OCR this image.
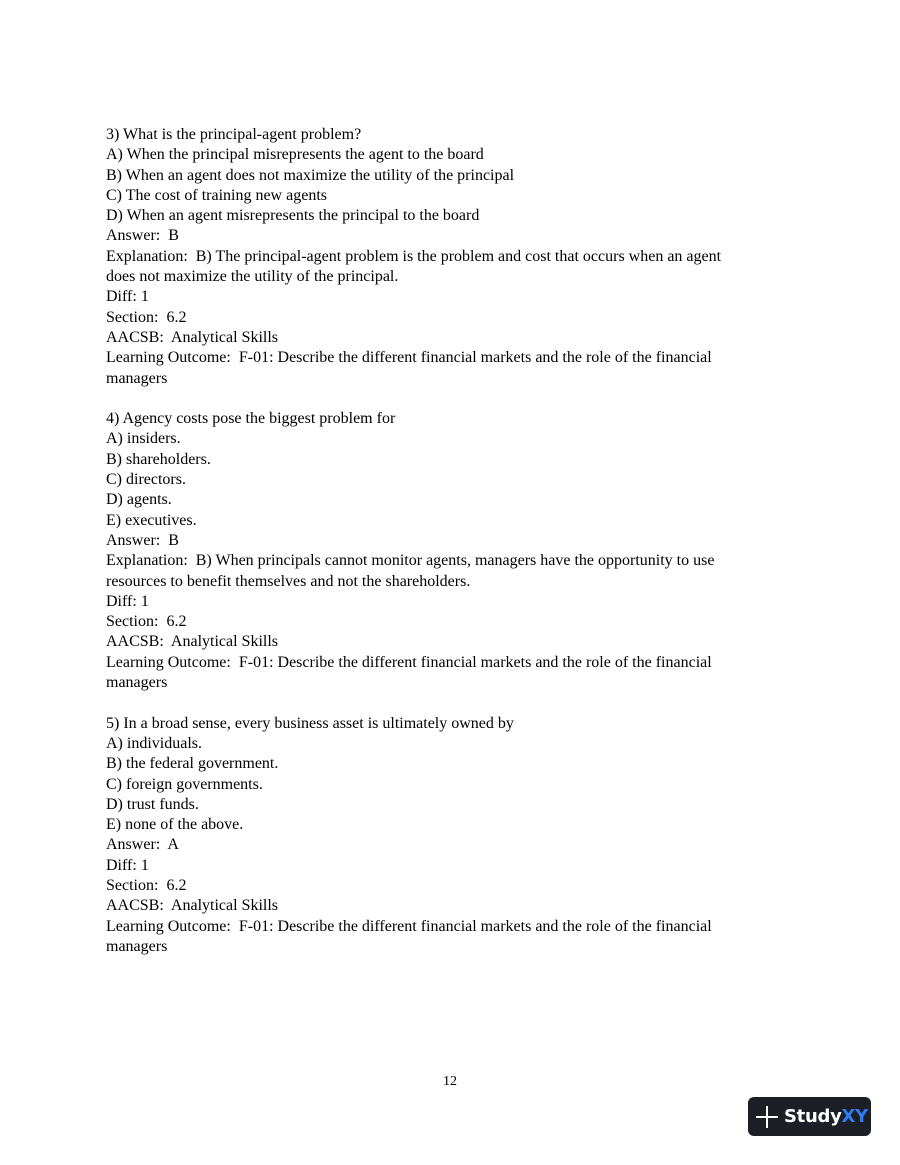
3) What is the principal-agent problem?
A) When the principal misrepresents the agent to the board
B) When an agent does not maximize the utility of the principal
C) The cost of training new agents
D) When an agent misrepresents the principal to the board
Answer:  B
Explanation:  B) The principal-agent problem is the problem and cost that occurs when an agent
does not maximize the utility of the principal.
Diff: 1
Section:  6.2
AACSB:  Analytical Skills
Learning Outcome:  F-01: Describe the different financial markets and the role of the financial
managers
4) Agency costs pose the biggest problem for
A) insiders.
B) shareholders.
C) directors.
D) agents.
E) executives.
Answer:  B
Explanation:  B) When principals cannot monitor agents, managers have the opportunity to use
resources to benefit themselves and not the shareholders.
Diff: 1
Section:  6.2
AACSB:  Analytical Skills
Learning Outcome:  F-01: Describe the different financial markets and the role of the financial
managers
5) In a broad sense, every business asset is ultimately owned by
A) individuals.
B) the federal government.
C) foreign governments.
D) trust funds.
E) none of the above.
Answer:  A
Diff: 1
Section:  6.2
AACSB:  Analytical Skills
Learning Outcome:  F-01: Describe the different financial markets and the role of the financial
managers
12
StudyXY
